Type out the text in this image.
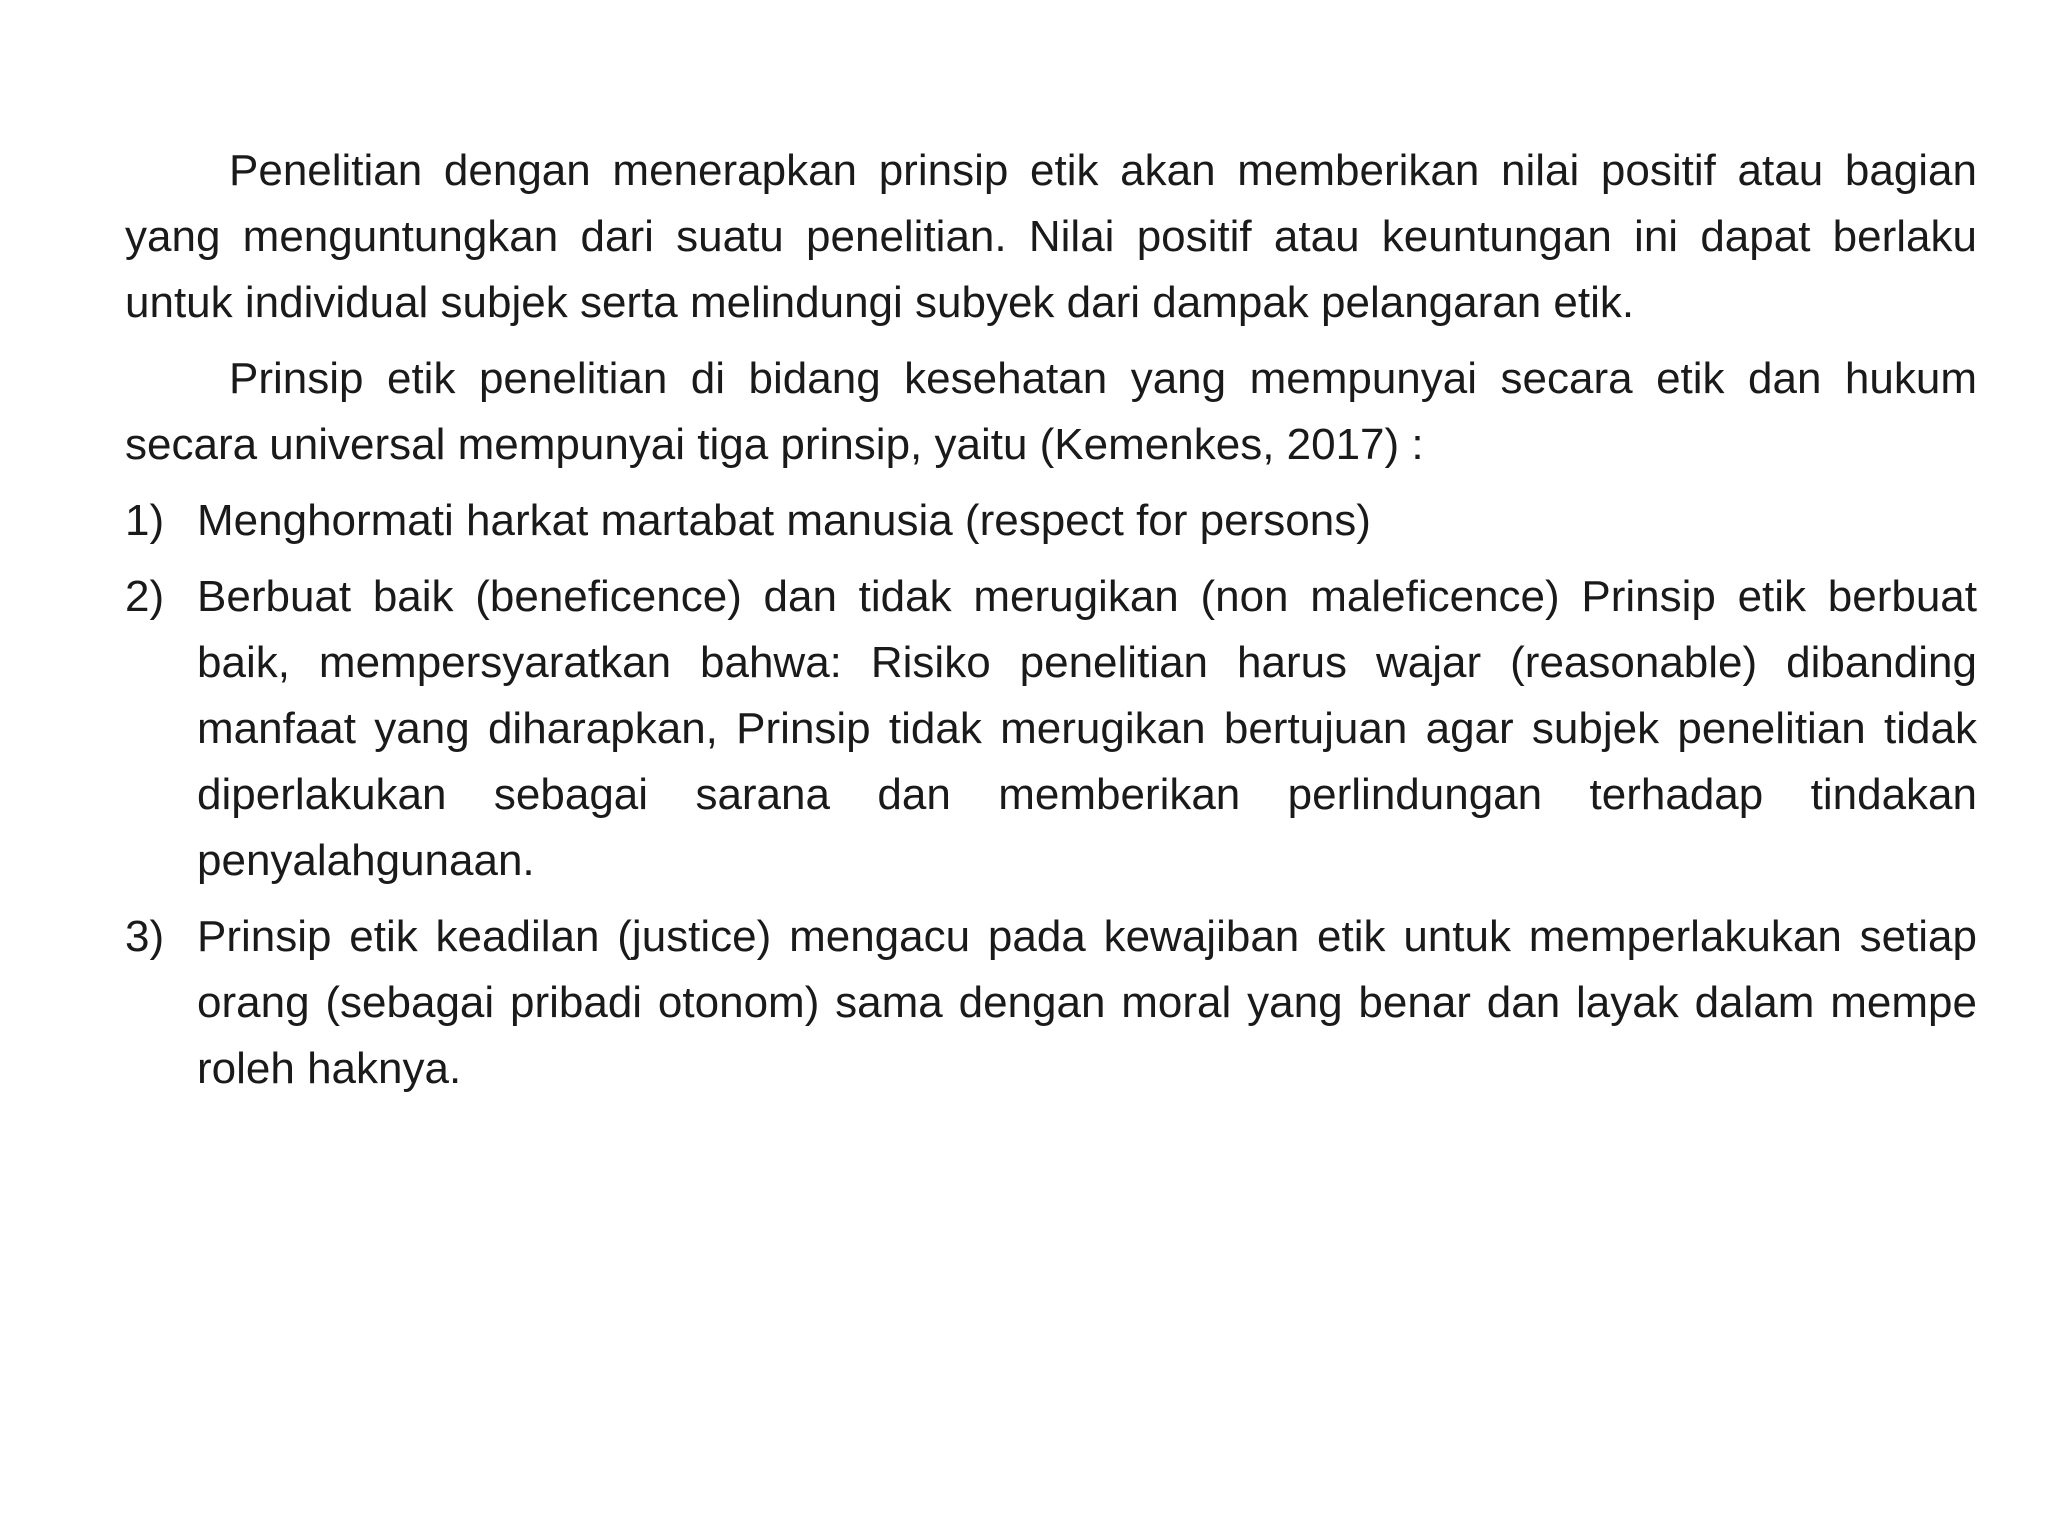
Penelitian dengan menerapkan prinsip etik akan memberikan nilai positif atau bagian yang menguntungkan dari suatu penelitian. Nilai positif atau keuntungan ini dapat berlaku untuk individual subjek serta melindungi subyek dari dampak pelangaran etik.

Prinsip etik penelitian di bidang kesehatan yang mempunyai secara etik dan hukum secara universal mempunyai tiga prinsip, yaitu (Kemenkes, 2017) :

1) Menghormati harkat martabat manusia (respect for persons)
2) Berbuat baik (beneficence) dan tidak merugikan (non maleficence) Prinsip etik berbuat baik, mempersyaratkan bahwa: Risiko penelitian harus wajar (reasonable) dibanding manfaat yang diharapkan, Prinsip tidak merugikan bertujuan agar subjek penelitian tidak diperlakukan sebagai sarana dan memberikan perlindungan terhadap tindakan penyalahgunaan.
3) Prinsip etik keadilan (justice) mengacu pada kewajiban etik untuk memperlakukan setiap orang (sebagai pribadi otonom) sama dengan moral yang benar dan layak dalam mempe roleh haknya.
